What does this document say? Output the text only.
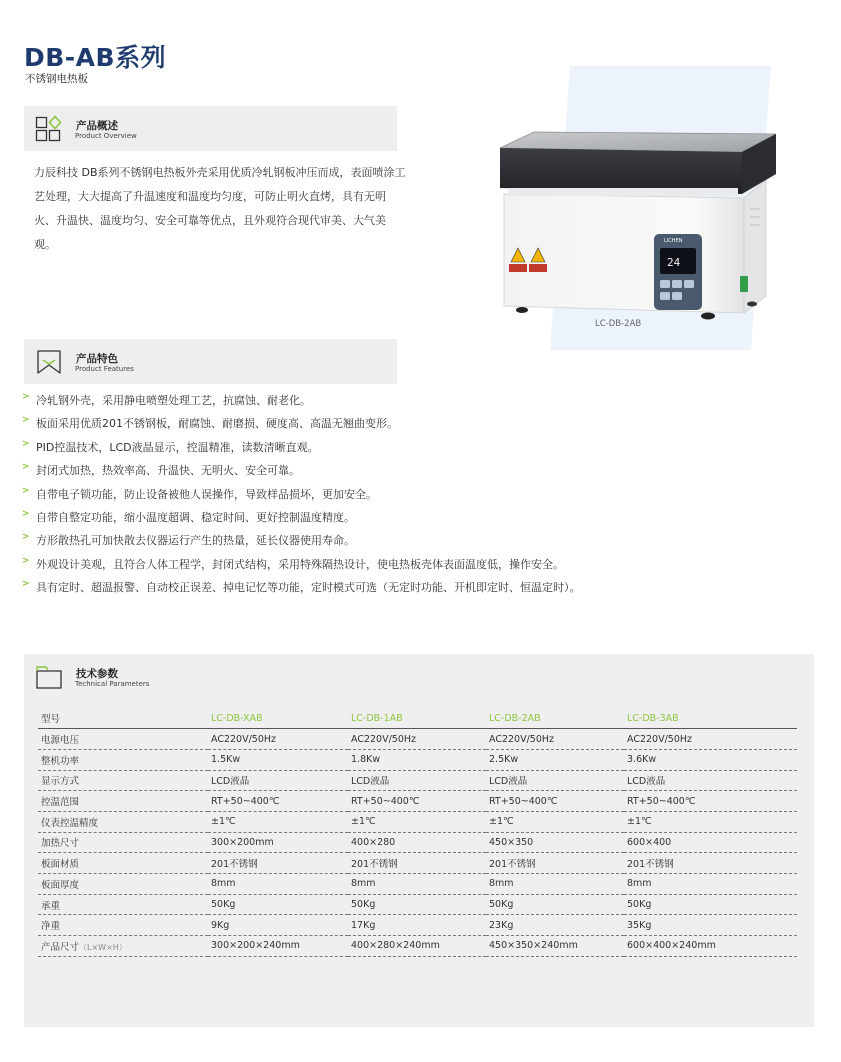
DB-AB系列
不锈钢电热板
产品概述
Product Overview
力辰科技 DB系列不锈钢电热板外壳采用优质冷轧钢板冲压而成，表面喷涂工艺处理，大大提高了升温速度和温度均匀度，可防止明火直烤，具有无明火、升温快、温度均匀、安全可靠等优点，且外观符合现代审美、大气美观。	LICHEN
24
LC-DB-2AB
产品特色
Product Features
> 冷轧钢外壳，采用静电喷塑处理工艺，抗腐蚀、耐老化。
> 板面采用优质201不锈钢板，耐腐蚀、耐磨损、硬度高、高温无翘曲变形。
> PID控温技术，LCD液晶显示，控温精准，读数清晰直观。
> 封闭式加热，热效率高、升温快、无明火、安全可靠。
> 自带电子锁功能，防止设备被他人误操作，导致样品损坏，更加安全。
> 自带自整定功能，缩小温度超调、稳定时间、更好控制温度精度。
> 方形散热孔可加快散去仪器运行产生的热量，延长仪器使用寿命。
> 外观设计美观，且符合人体工程学，封闭式结构，采用特殊隔热设计，使电热板壳体表面温度低，操作安全。
> 具有定时、超温报警、自动校正误差、掉电记忆等功能，定时模式可选（无定时功能、开机即定时、恒温定时）。
技术参数
Technical Parameters
型号	LC-DB-XAB	LC-DB-1AB	LC-DB-2AB	LC-DB-3AB
电源电压	AC220V/50Hz	AC220V/50Hz	AC220V/50Hz	AC220V/50Hz
整机功率	1.5Kw	1.8Kw	2.5Kw	3.6Kw
显示方式	LCD液晶	LCD液晶	LCD液晶	LCD液晶
控温范围	RT+50~400℃	RT+50~400℃	RT+50~400℃	RT+50~400℃
仪表控温精度	±1℃	±1℃	±1℃	±1℃
加热尺寸	300×200mm	400×280	450×350	600×400
板面材质	201不锈钢	201不锈钢	201不锈钢	201不锈钢
板面厚度	8mm	8mm	8mm	8mm
承重	50Kg	50Kg	50Kg	50Kg
净重	9Kg	17Kg	23Kg	35Kg
产品尺寸（L×W×H）	300×200×240mm	400×280×240mm	450×350×240mm	600×400×240mm
